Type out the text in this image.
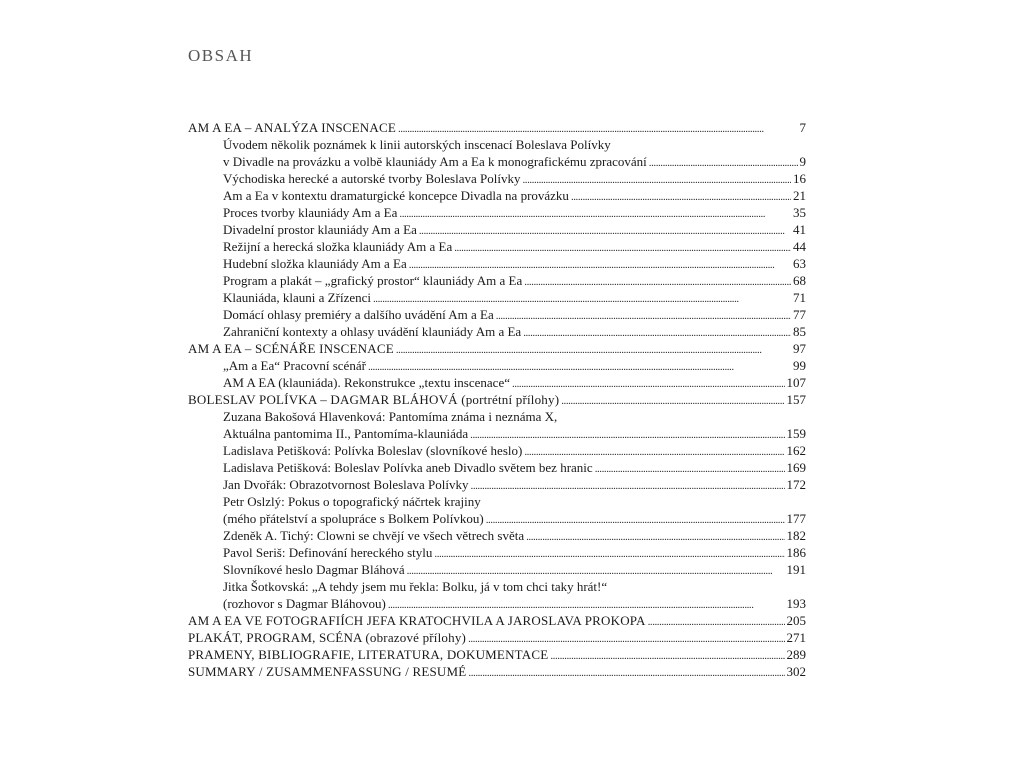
OBSAH
AM A EA – ANALÝZA INSCENACE . . .	7
Úvodem několik poznámek k linii autorských inscenací Boleslava Polívky
v Divadle na provázku a volbě klauniády Am a Ea k monografickému zpracování . . .	9
Východiska herecké a autorské tvorby Boleslava Polívky . . .	16
Am a Ea v kontextu dramaturgické koncepce Divadla na provázku . . .	21
Proces tvorby klauniády Am a Ea . . .	35
Divadelní prostor klauniády Am a Ea . . .	41
Režijní a herecká složka klauniády Am a Ea . . .	44
Hudební složka klauniády Am a Ea . . .	63
Program a plakát – „grafický prostor“ klauniády Am a Ea . . .	68
Klauniáda, klauni a Zřízenci . . .	71
Domácí ohlasy premiéry a dalšího uvádění Am a Ea . . .	77
Zahraniční kontexty a ohlasy uvádění klauniády Am a Ea . . .	85
AM A EA – SCÉNÁŘE INSCENACE . . .	97
„Am a Ea“ Pracovní scénář . . .	99
AM A EA (klauniáda). Rekonstrukce „textu inscenace“ . . .	107
BOLESLAV POLÍVKA – DAGMAR BLÁHOVÁ (portrétní přílohy) . . .	157
Zuzana Bakošová Hlavenková: Pantomíma známa i neznáma X,
Aktuálna pantomima II., Pantomíma-klauniáda . . .	159
Ladislava Petišková: Polívka Boleslav (slovníkové heslo) . . .	162
Ladislava Petišková: Boleslav Polívka aneb Divadlo světem bez hranic . . .	169
Jan Dvořák: Obrazotvornost Boleslava Polívky . . .	172
Petr Oslzlý: Pokus o topografický náčrtek krajiny
(mého přátelství a spolupráce s Bolkem Polívkou) . . .	177
Zdeněk A. Tichý: Clowni se chvějí ve všech větrech světa . . .	182
Pavol Seriš: Definování hereckého stylu . . .	186
Slovníkové heslo Dagmar Bláhová . . .	191
Jitka Šotkovská: „A tehdy jsem mu řekla: Bolku, já v tom chci taky hrát!“
(rozhovor s Dagmar Bláhovou) . . .	193
AM A EA VE FOTOGRAFIÍCH JEFA KRATOCHVILA A JAROSLAVA PROKOPA . . .	205
PLAKÁT, PROGRAM, SCÉNA (obrazové přílohy) . . .	271
PRAMENY, BIBLIOGRAFIE, LITERATURA, DOKUMENTACE . . .	289
SUMMARY / ZUSAMMENFASSUNG / RESUMÉ . . .	302
